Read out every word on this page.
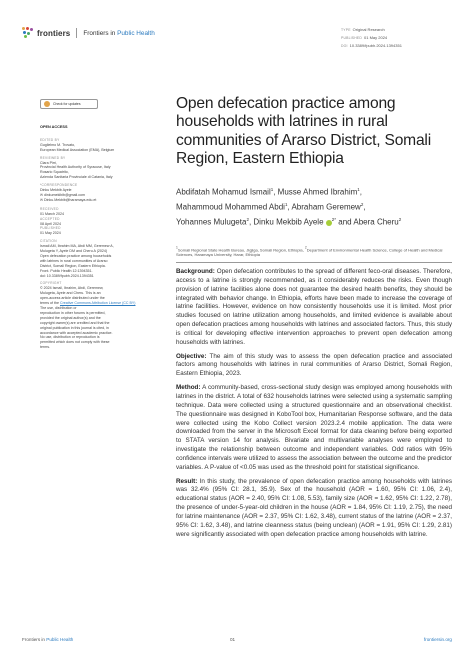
frontiers Frontiers in Public Health	TYPE Original Research
PUBLISHED 01 May 2024
DOI 10.3389/fpubh.2024.1394351
Check for updates
OPEN ACCESS
EDITED BY
Guglielmo M. Trovato,
European Medical Association (EMA), Belgium
REVIEWED BY
Clara Pirri,
Provincial Health Authority of Syracuse, Italy
Rosario Squatrito,
Azienda Sanitaria Provinciale di Catania, Italy
*CORRESPONDENCE
Dinku Mekbib Ayele
✉ dinkumekibib@gmail.com
✉ Dinku.Mekbib@haramaya.edu.et
RECEIVED
01 March 2024
ACCEPTED
08 April 2024
PUBLISHED
01 May 2024
CITATION
Ismail AM, Ibrahim MA, Abdi MM, Geremew A,
Mulugeta Y, Ayele DM and Cheru A (2024)
Open defecation practice among households
with latrines in rural communities of Ararso
District, Somali Region, Eastern Ethiopia.
Front. Public Health 12:1394351.
doi: 10.3389/fpubh.2024.1394351
COPYRIGHT
© 2024 Ismail, Ibrahim, Abdi, Geremew,
Mulugeta, Ayele and Cheru. This is an
open-access article distributed under the
terms of the Creative Commons Attribution License (CC BY)
The use, distribution or
reproduction in other forums is permitted,
provided the original author(s) and the
copyright owner(s) are credited and that the
original publication in this journal is cited, in
accordance with accepted academic practice.
No use, distribution or reproduction is
permitted which does not comply with these
terms.
Open defecation practice among households with latrines in rural communities of Ararso District, Somali Region, Eastern Ethiopia
Abdifatah Mohamud Ismail$^1$, Musse Ahmed Ibrahim$^1$,
Mahammoud Mohammed Abdi$^1$, Abraham Geremew$^2$,
Yohannes Mulugeta$^2$, Dinku Mekbib Ayele $^{2*}$ and Abera Cheru$^2$
$^1$Somali Regional State Health Bureau, Jigjiga, Somali Region, Ethiopia, $^2$Department of Environmental Health Science, College of Health and Medical Sciences, Haramaya University, Harar, Ethiopia

Background: Open defecation contributes to the spread of different feco-oral diseases. Therefore, access to a latrine is strongly recommended, as it considerably reduces the risks. Even though provision of latrine facilities alone does not guarantee the desired health benefits, they should be integrated with behavior change. In Ethiopia, efforts have been made to increase the coverage of latrine facilities. However, evidence on how consistently households use it is limited. Most prior studies focused on latrine utilization among households, and limited evidence is available about open defecation practices among households with latrines and associated factors. Thus, this study is critical for developing effective intervention approaches to prevent open defecation among households with latrines.

Objective: The aim of this study was to assess the open defecation practice and associated factors among households with latrines in rural communities of Ararso District, Somali Region, Eastern Ethiopia, 2023.

Method: A community-based, cross-sectional study design was employed among households with latrines in the district. A total of 632 households latrines were selected using a systematic sampling technique. Data were collected using a structured questionnaire and an observational checklist. The questionnaire was designed in KoboTool box, Humanitarian Response software, and the data were collected using the Kobo Collect version 2023.2.4 mobile application. The data were downloaded from the server in the Microsoft Excel format for data cleaning before being exported to STATA version 14 for analysis. Bivariate and multivariable analyses were employed to investigate the relationship between outcome and independent variables. Odd ratios with 95% confidence intervals were utilized to assess the association between the outcome and the predictor variables. A P-value of <0.05 was used as the threshold point for statistical significance.

Result: In this study, the prevalence of open defecation practice among households with latrines was 32.4% (95% CI: 28.1, 35.9). Sex of the household (AOR = 1.60, 95% CI: 1.06, 2.4), educational status (AOR = 2.40, 95% CI: 1.08, 5.53), family size (AOR = 1.62, 95% CI: 1.22, 2.78), the presence of under-5-year-old children in the house (AOR = 1.84, 95% CI: 1.19, 2.75), the need for latrine maintenance (AOR = 2.37, 95% CI: 1.62, 3.48), current status of the latrine (AOR = 2.37, 95% CI: 1.62, 3.48), and latrine cleanness status (being unclean) (AOR = 1.91, 95% CI: 1.29, 2.81) were significantly associated with open defecation practice among households with latrine.

Frontiers in Public Health	01	frontiersin.org
